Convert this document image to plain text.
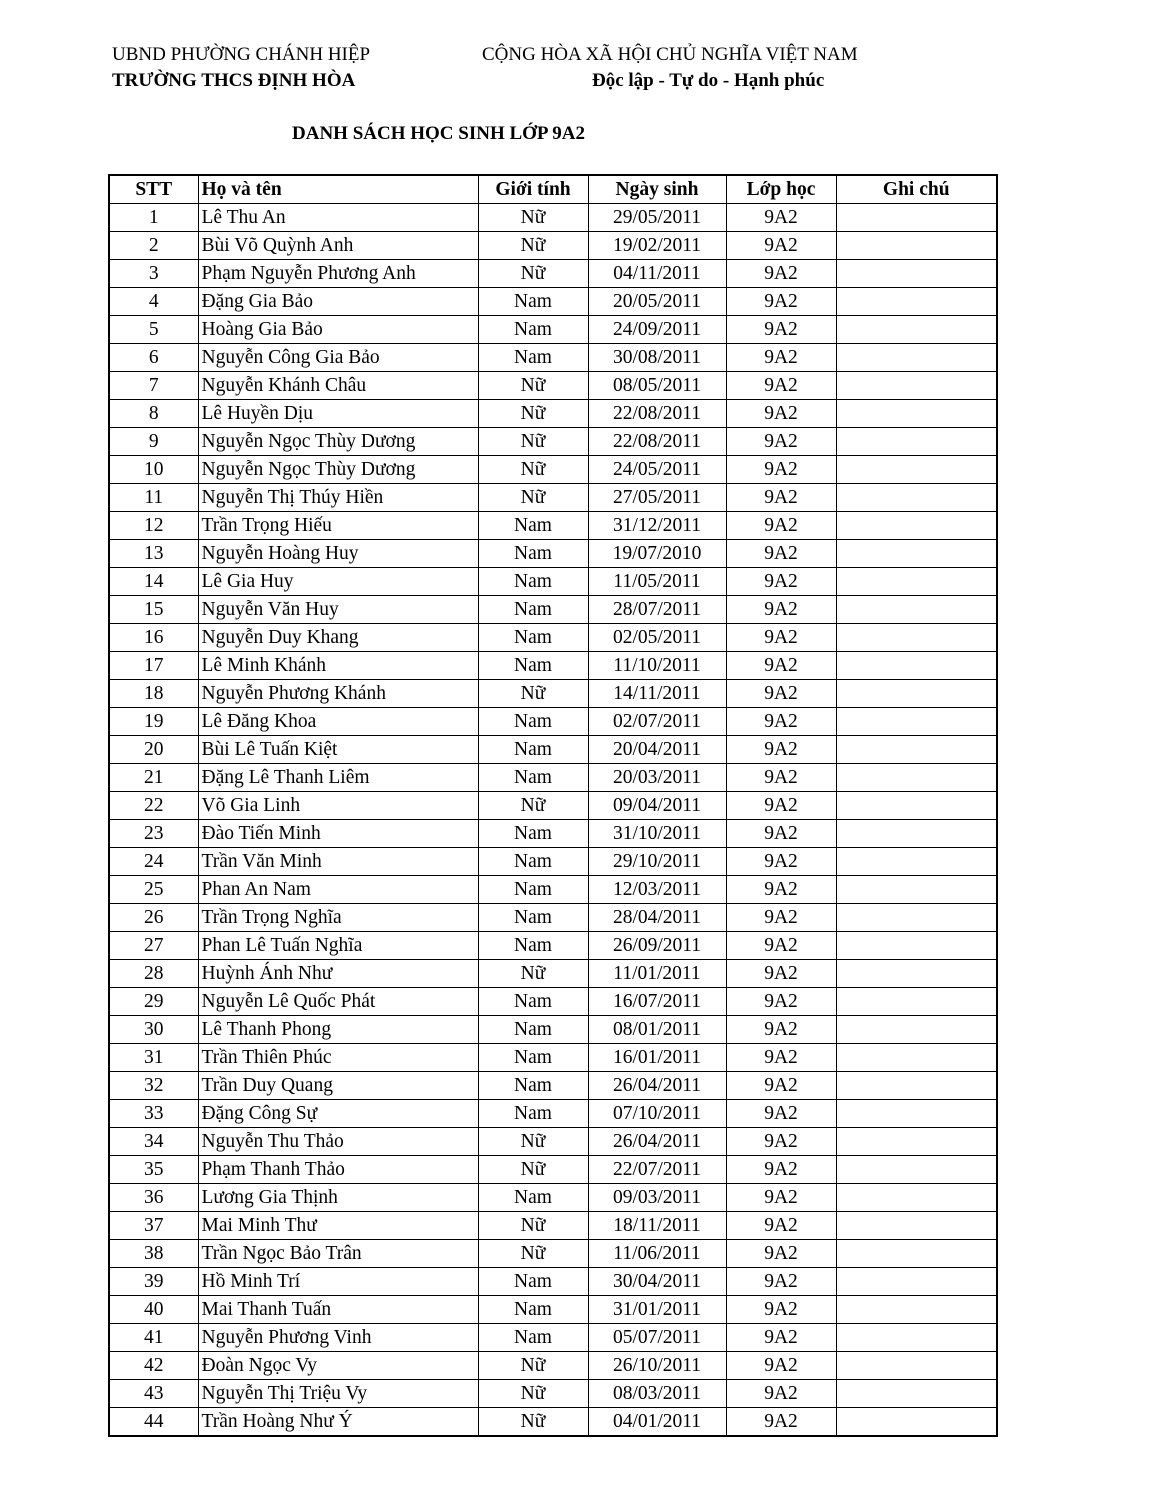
UBND PHƯỜNG CHÁNH HIỆP
TRƯỜNG THCS ĐỊNH HÒA
CỘNG HÒA XÃ HỘI CHỦ NGHĨA VIỆT NAM
Độc lập - Tự do - Hạnh phúc
DANH SÁCH HỌC SINH LỚP 9A2
STT	Họ và tên	Giới tính	Ngày sinh	Lớp học	Ghi chú
1	Lê Thu An	Nữ	29/05/2011	9A2	
2	Bùi Võ Quỳnh Anh	Nữ	19/02/2011	9A2	
3	Phạm Nguyễn Phương Anh	Nữ	04/11/2011	9A2	
4	Đặng Gia Bảo	Nam	20/05/2011	9A2	
5	Hoàng Gia Bảo	Nam	24/09/2011	9A2	
6	Nguyễn Công Gia Bảo	Nam	30/08/2011	9A2	
7	Nguyễn Khánh Châu	Nữ	08/05/2011	9A2	
8	Lê Huyền Dịu	Nữ	22/08/2011	9A2	
9	Nguyễn Ngọc Thùy Dương	Nữ	22/08/2011	9A2	
10	Nguyễn Ngọc Thùy Dương	Nữ	24/05/2011	9A2	
11	Nguyễn Thị Thúy Hiền	Nữ	27/05/2011	9A2	
12	Trần Trọng Hiếu	Nam	31/12/2011	9A2	
13	Nguyễn Hoàng Huy	Nam	19/07/2010	9A2	
14	Lê Gia Huy	Nam	11/05/2011	9A2	
15	Nguyễn Văn Huy	Nam	28/07/2011	9A2	
16	Nguyễn Duy Khang	Nam	02/05/2011	9A2	
17	Lê Minh Khánh	Nam	11/10/2011	9A2	
18	Nguyễn Phương Khánh	Nữ	14/11/2011	9A2	
19	Lê Đăng Khoa	Nam	02/07/2011	9A2	
20	Bùi Lê Tuấn Kiệt	Nam	20/04/2011	9A2	
21	Đặng Lê Thanh Liêm	Nam	20/03/2011	9A2	
22	Võ Gia Linh	Nữ	09/04/2011	9A2	
23	Đào Tiến Minh	Nam	31/10/2011	9A2	
24	Trần Văn Minh	Nam	29/10/2011	9A2	
25	Phan An Nam	Nam	12/03/2011	9A2	
26	Trần Trọng Nghĩa	Nam	28/04/2011	9A2	
27	Phan Lê Tuấn Nghĩa	Nam	26/09/2011	9A2	
28	Huỳnh Ánh Như	Nữ	11/01/2011	9A2	
29	Nguyễn Lê Quốc Phát	Nam	16/07/2011	9A2	
30	Lê Thanh Phong	Nam	08/01/2011	9A2	
31	Trần Thiên Phúc	Nam	16/01/2011	9A2	
32	Trần Duy Quang	Nam	26/04/2011	9A2	
33	Đặng Công Sự	Nam	07/10/2011	9A2	
34	Nguyễn Thu Thảo	Nữ	26/04/2011	9A2	
35	Phạm Thanh Thảo	Nữ	22/07/2011	9A2	
36	Lương Gia Thịnh	Nam	09/03/2011	9A2	
37	Mai Minh Thư	Nữ	18/11/2011	9A2	
38	Trần Ngọc Bảo Trân	Nữ	11/06/2011	9A2	
39	Hồ Minh Trí	Nam	30/04/2011	9A2	
40	Mai Thanh Tuấn	Nam	31/01/2011	9A2	
41	Nguyễn Phương Vinh	Nam	05/07/2011	9A2	
42	Đoàn Ngọc Vy	Nữ	26/10/2011	9A2	
43	Nguyễn Thị Triệu Vy	Nữ	08/03/2011	9A2	
44	Trần Hoàng Như Ý	Nữ	04/01/2011	9A2	
